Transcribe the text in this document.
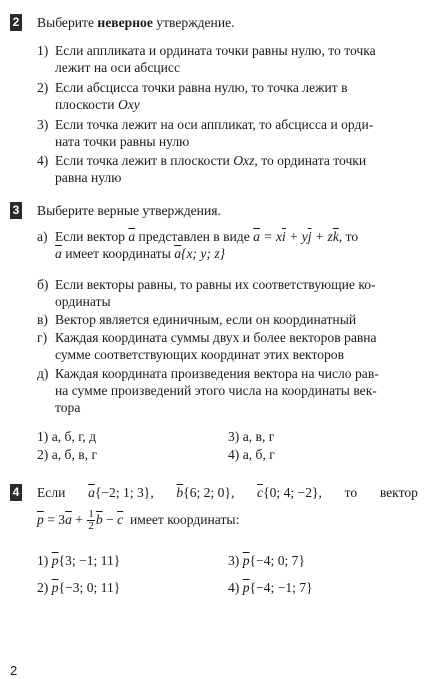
2 Выберите неверное утверждение.
1) Если аппликата и ордината точки равны нулю, то точка
лежит на оси абсцисс
2) Если абсцисса точки равна нулю, то точка лежит в
плоскости Oxy
3) Если точка лежит на оси аппликат, то абсцисса и орди-
ната точки равны нулю
4) Если точка лежит в плоскости Oxz, то ордината точки
равна нулю
3 Выберите верные утверждения.
а) Если вектор $\overline{a}$ представлен в виде $\overline{a} = x\overline{i} + y\overline{j} + z\overline{k}$, то
$\overline{a}$ имеет координаты $\overline{a}\{x$; y; z}
б) Если векторы равны, то равны их соответствующие ко-
ординаты
в) Вектор является единичным, если он координатный
г) Каждая координата суммы двух и более векторов равна
сумме соответствующих координат этих векторов
д) Каждая координата произведения вектора на число рав-
на сумме произведений этого числа на координаты век-
тора
1) а, б, г, д	3) а, в, г
2) а, б, в, г	4) а, б, г
4 Если $\overline{a}\{-2$; 1; 3}, $\overline{b}\{6$; 2; 0}, $\overline{c}\{0$; 4; −2}, то вектор
$\overline{p} = 3\overline{a} + \frac{1}{2} \overline{b} - \overline{c}$ имеет координаты:
1) $\overline{p}\{3$; −1; 11}	3) $\overline{p}\{-4$; 0; 7}
2) $\overline{p}\{-3$; 0; 11}	4) $\overline{p}\{-4$; −1; 7}
2
